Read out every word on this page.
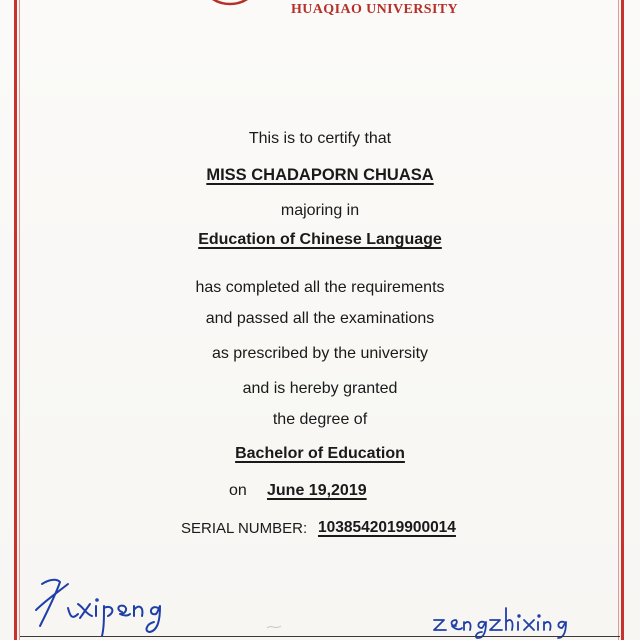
HUAQIAO UNIVERSITY
This is to certify that
MISS CHADAPORN CHUASA
majoring in
Education of Chinese Language
has completed all the requirements
and passed all the examinations
as prescribed by the university
and is hereby granted
the degree of
Bachelor of Education
on June 19,2019
SERIAL NUMBER: 1038542019900014
